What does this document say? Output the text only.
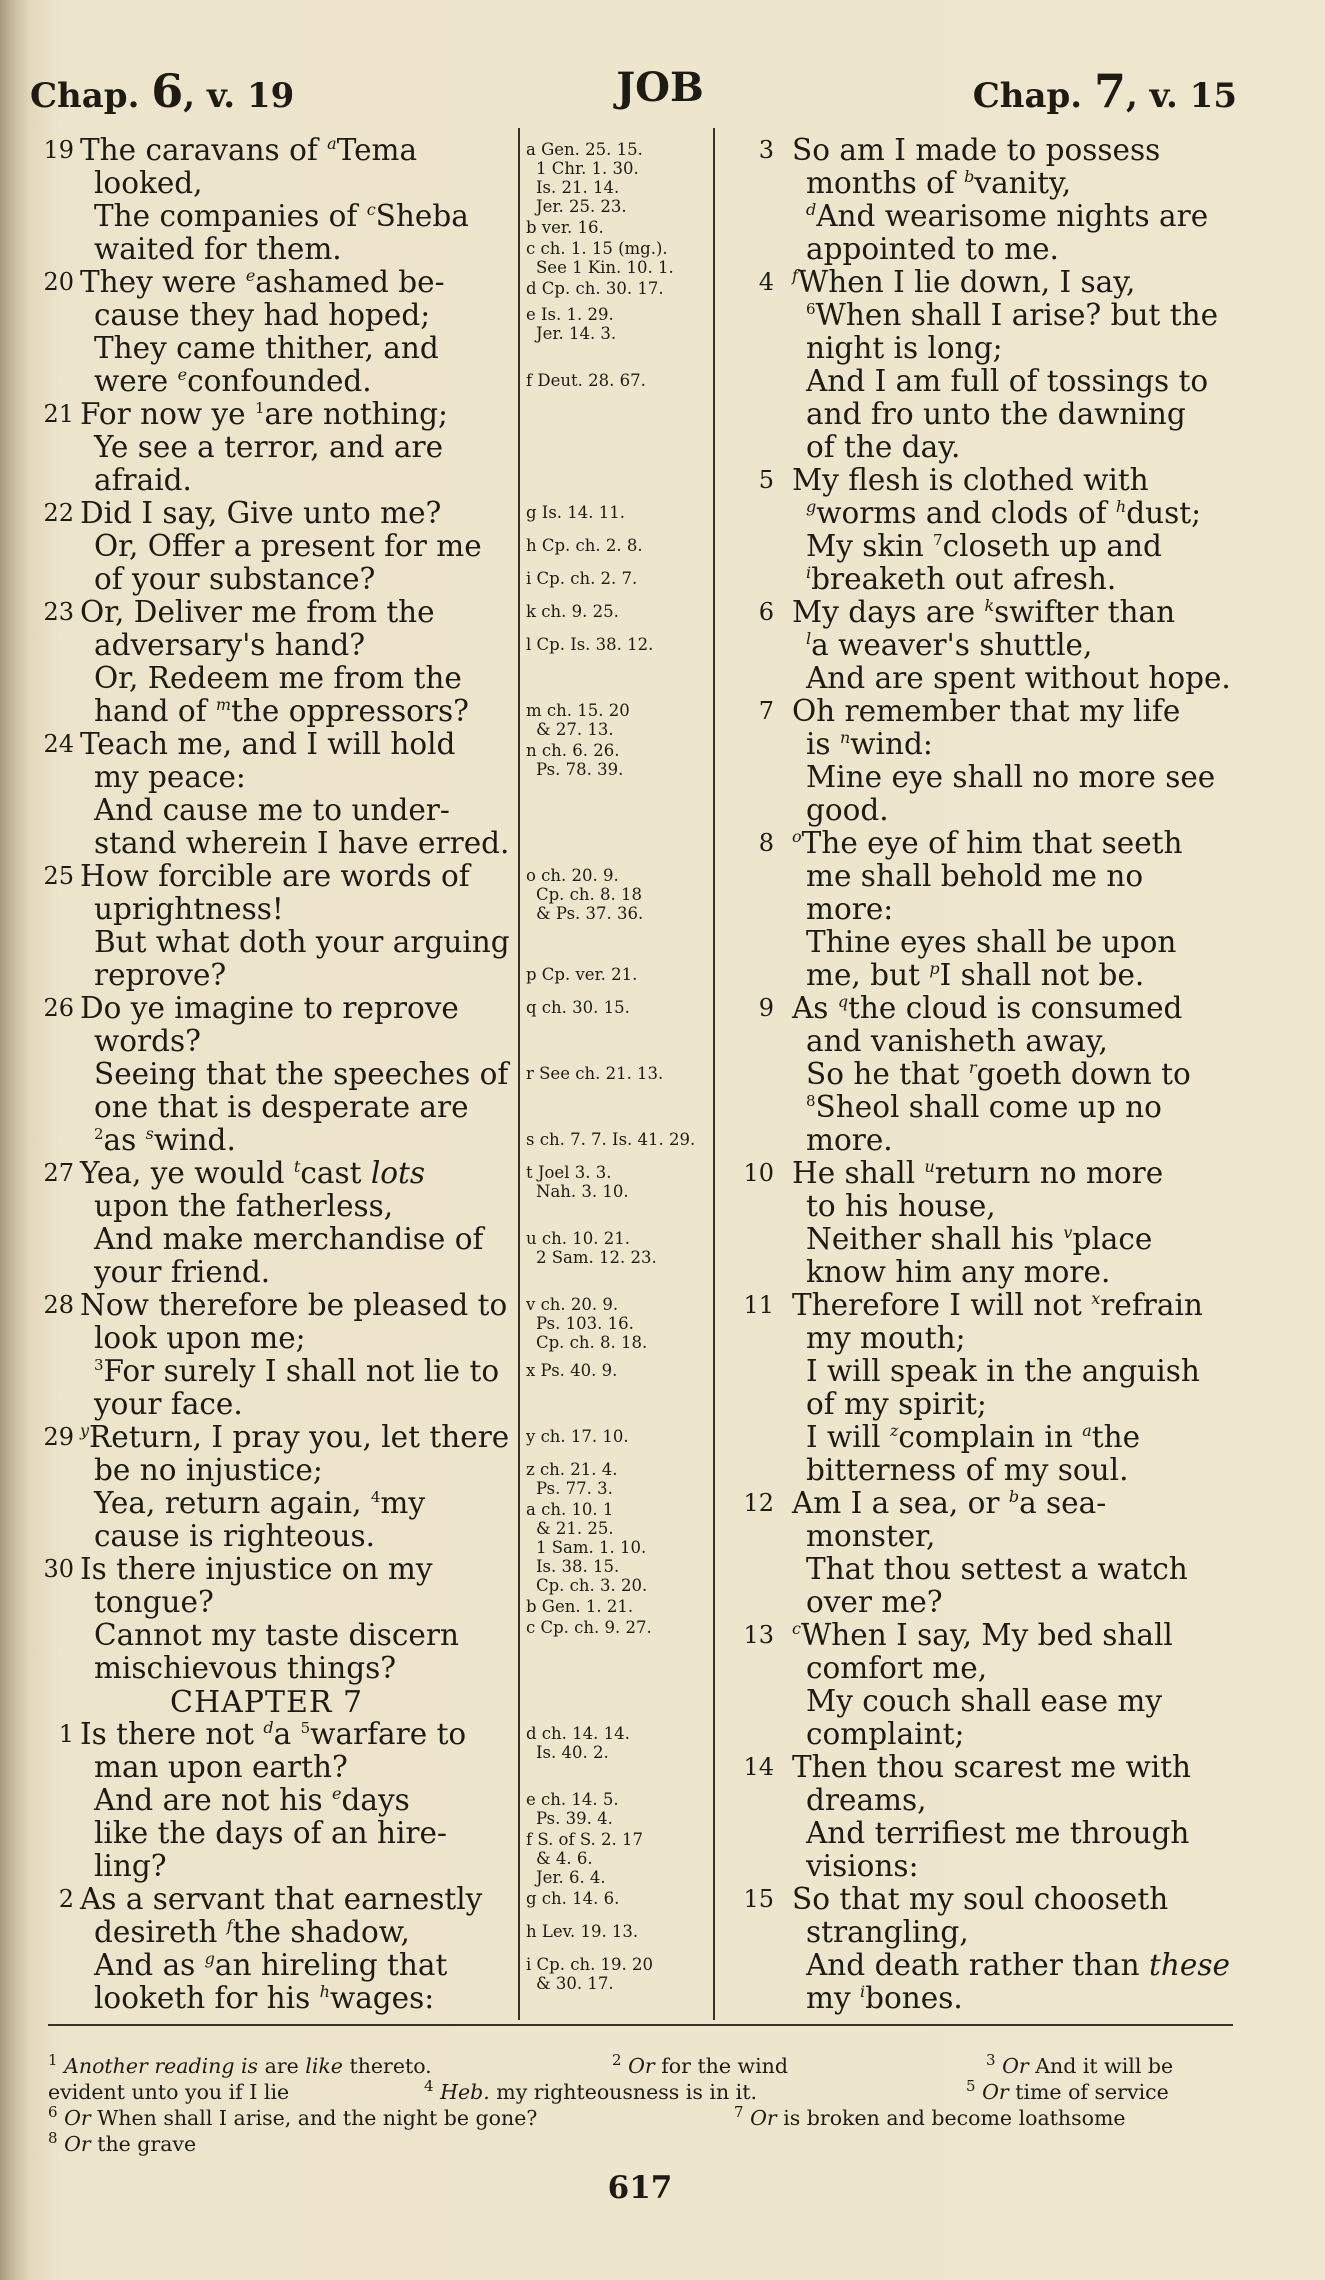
Chap. 6, v. 19	JOB	Chap. 7, v. 15
19 The caravans of $^a$Tema
looked,
The companies of $^c$Sheba
waited for them.
20 They were $^e$ashamed be-
cause they had hoped;
They came thither, and
were $^e$confounded.
21 For now ye $^1$are nothing;
Ye see a terror, and are
afraid.
22 Did I say, Give unto me?
Or, Offer a present for me
of your substance?
23 Or, Deliver me from the
adversary's hand?
Or, Redeem me from the
hand of $^m$the oppressors?
24 Teach me, and I will hold
my peace:
And cause me to under-
stand wherein I have erred.
25 How forcible are words of
uprightness!
But what doth your arguing
reprove?
26 Do ye imagine to reprove
words?
Seeing that the speeches of
one that is desperate are
$^2$as $^s$wind.
27 Yea, ye would $^t$cast lots
upon the fatherless,
And make merchandise of
your friend.
28 Now therefore be pleased to
look upon me;
$^3$For surely I shall not lie to
your face.
29 $^y$Return, I pray you, let there
be no injustice;
Yea, return again, $^4$my
cause is righteous.
30 Is there injustice on my
tongue?
Cannot my taste discern
mischievous things?
CHAPTER 7
1 Is there not $^d$a $^5$warfare to
man upon earth?
And are not his $^e$days
like the days of an hire-
ling?
2 As a servant that earnestly
desireth $^f$the shadow,
And as $^g$an hireling that
looketh for his $^h$wages:
3 So am I made to possess
months of $^b$vanity,
$^d$And wearisome nights are
appointed to me.
4 $^f$When I lie down, I say,
$^6$When shall I arise? but the
night is long;
And I am full of tossings to
and fro unto the dawning
of the day.
5 My flesh is clothed with
$^g$worms and clods of $^h$dust;
My skin $^7$closeth up and
$^i$breaketh out afresh.
6 My days are $^k$swifter than
$^l$a weaver's shuttle,
And are spent without hope.
7 Oh remember that my life
is $^n$wind:
Mine eye shall no more see
good.
8 $^o$The eye of him that seeth
me shall behold me no
more:
Thine eyes shall be upon
me, but $^p$I shall not be.
9 As $^q$the cloud is consumed
and vanisheth away,
So he that $^r$goeth down to
$^8$Sheol shall come up no
more.
10 He shall $^u$return no more
to his house,
Neither shall his $^v$place
know him any more.
11 Therefore I will not $^x$refrain
my mouth;
I will speak in the anguish
of my spirit;
I will $^z$complain in $^a$the
bitterness of my soul.
12 Am I a sea, or $^b$a sea-
monster,
That thou settest a watch
over me?
13 $^c$When I say, My bed shall
comfort me,
My couch shall ease my
complaint;
14 Then thou scarest me with
dreams,
And terrifiest me through
visions:
15 So that my soul chooseth
strangling,
And death rather than these
my $^i$bones.
a Gen. 25. 15.
1 Chr. 1. 30.
Is. 21. 14.
Jer. 25. 23.
b ver. 16.
c ch. 1. 15 (mg.).
See 1 Kin. 10. 1.
d Cp. ch. 30. 17.
e Is. 1. 29.
Jer. 14. 3.
f Deut. 28. 67.
g Is. 14. 11.
h Cp. ch. 2. 8.
i Cp. ch. 2. 7.
k ch. 9. 25.
l Cp. Is. 38. 12.
m ch. 15. 20
& 27. 13.
n ch. 6. 26.
Ps. 78. 39.
o ch. 20. 9.
Cp. ch. 8. 18
& Ps. 37. 36.
p Cp. ver. 21.
q ch. 30. 15.
r See ch. 21. 13.
s ch. 7. 7. Is. 41. 29.
t Joel 3. 3.
Nah. 3. 10.
u ch. 10. 21.
2 Sam. 12. 23.
v ch. 20. 9.
Ps. 103. 16.
Cp. ch. 8. 18.
x Ps. 40. 9.
y ch. 17. 10.
z ch. 21. 4.
Ps. 77. 3.
a ch. 10. 1
& 21. 25.
1 Sam. 1. 10.
Is. 38. 15.
Cp. ch. 3. 20.
b Gen. 1. 21.
c Cp. ch. 9. 27.
d ch. 14. 14.
Is. 40. 2.
e ch. 14. 5.
Ps. 39. 4.
f S. of S. 2. 17
& 4. 6.
Jer. 6. 4.
g ch. 14. 6.
h Lev. 19. 13.
i Cp. ch. 19. 20
& 30. 17.
$^1$ Another reading is are like thereto.	$^2$ Or for the wind	$^3$ Or And it will be
evident unto you if I lie	$^4$ Heb. my righteousness is in it.	$^5$ Or time of service
$^6$ Or When shall I arise, and the night be gone?	$^7$ Or is broken and become loathsome
$^8$ Or the grave
617
